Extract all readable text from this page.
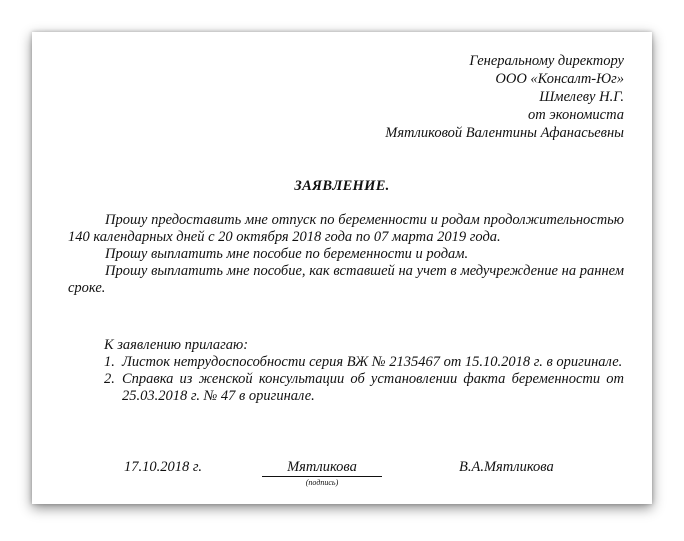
Генеральному директору
ООО «Консалт-Юг»
Шмелеву Н.Г.
от экономиста
Мятликовой Валентины Афанасьевны
ЗАЯВЛЕНИЕ.

Прошу предоставить мне отпуск по беременности и родам продолжительностью 140 календарных дней с 20 октября 2018 года по 07 марта 2019 года.

Прошу выплатить мне пособие по беременности и родам.

Прошу выплатить мне пособие, как вставшей на учет в медучреждение на раннем сроке.

К заявлению прилагаю:
1. Листок нетрудоспособности серия ВЖ № 2135467 от 15.10.2018 г. в оригинале.
2. Справка из женской консультации об установлении факта беременности от 25.03.2018 г. № 47 в оригинале.
17.10.2018 г.	Мятликова
(подпись)
В.А.Мятликова
